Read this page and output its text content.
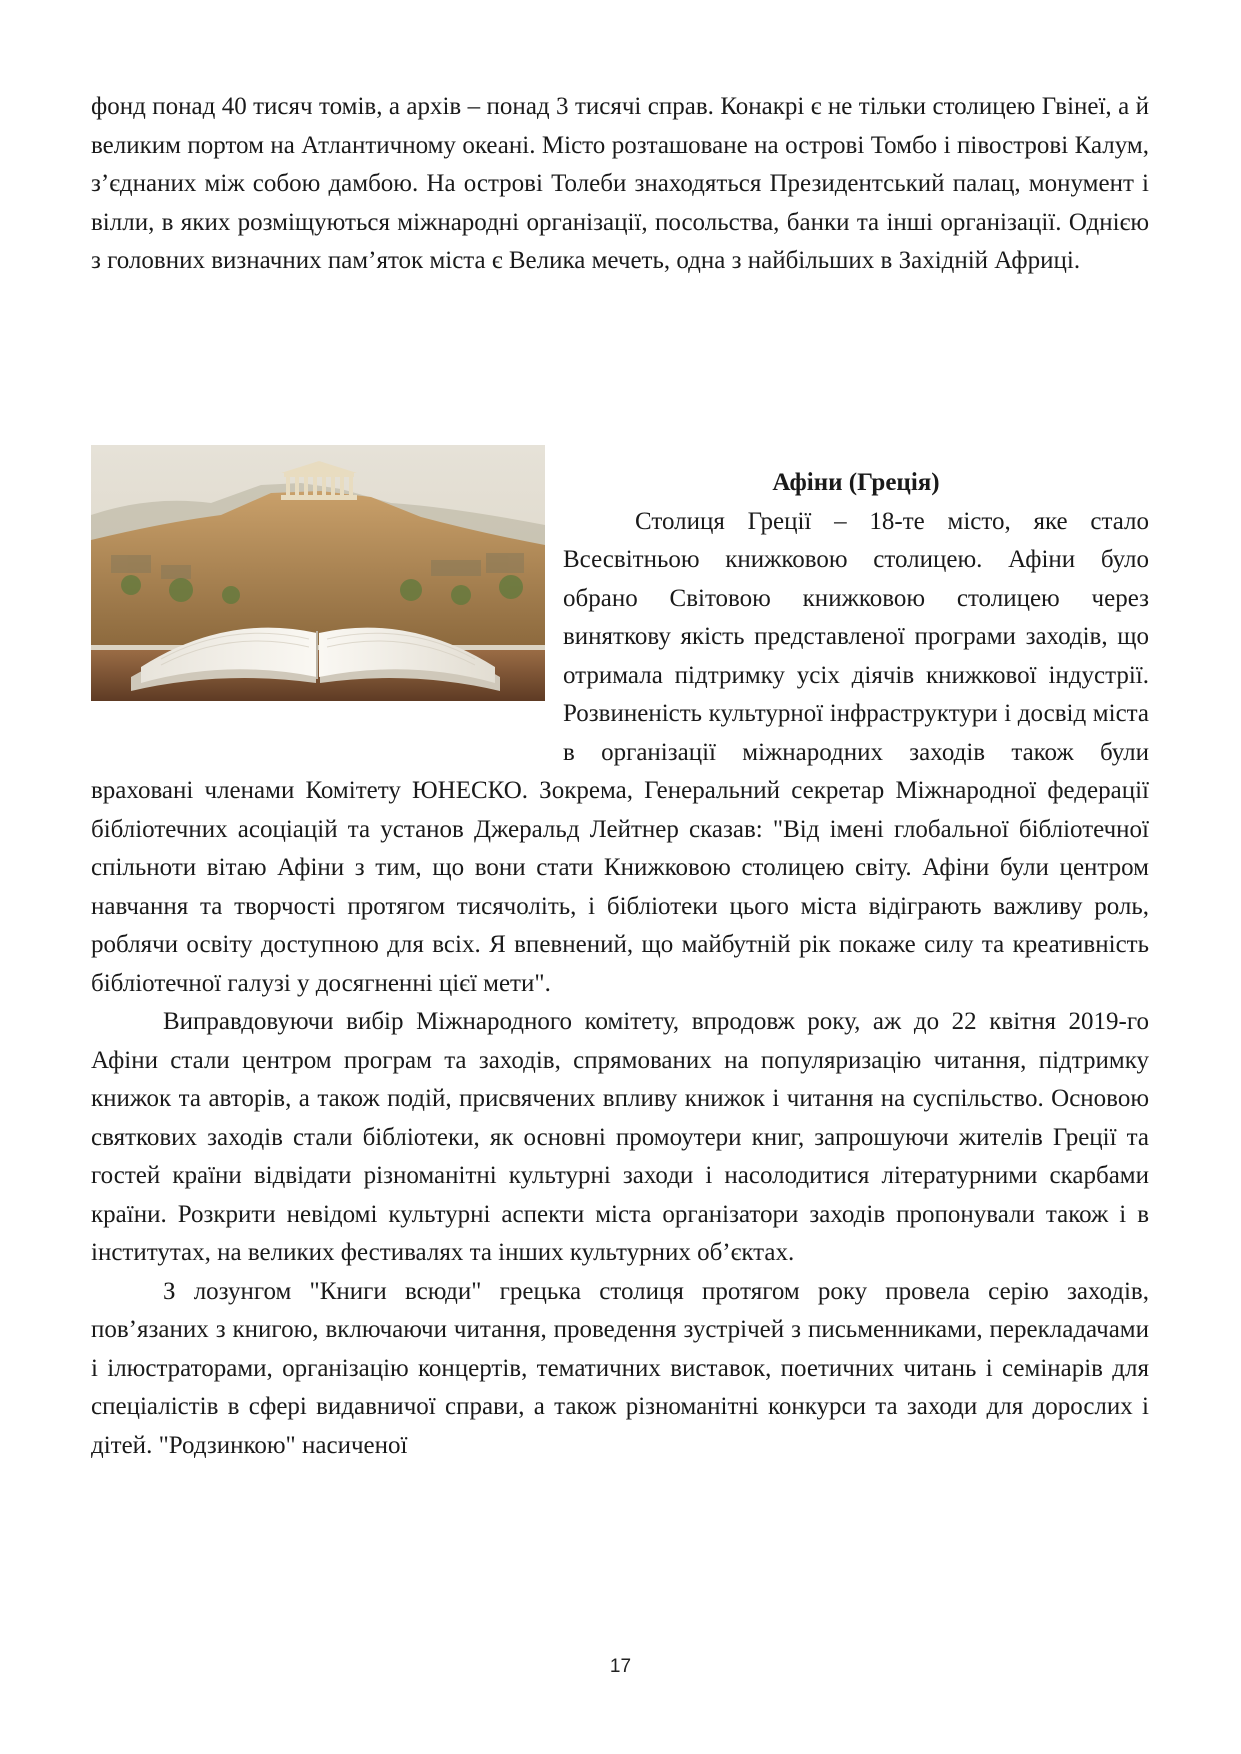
фонд понад 40 тисяч томів, а архів – понад 3 тисячі справ. Конакрі є не тільки столицею Гвінеї, а й великим портом на Атлантичному океані. Місто розташоване на острові Томбо і півострові Калум, з’єднаних між собою дамбою. На острові Толеби знаходяться Президентський палац, монумент і вілли, в яких розміщуються міжнародні організації, посольства, банки та інші організації. Однією з головних визначних пам’яток міста є Велика мечеть, одна з найбільших в Західній Африці.

Афіни (Греція)

Столиця Греції – 18-те місто, яке стало Всесвітньою книжковою столицею. Афіни було обрано Світовою книжковою столицею через виняткову якість представленої програми заходів, що отримала підтримку усіх діячів книжкової індустрії. Розвиненість культурної інфраструктури і досвід міста в організації міжнародних заходів також були враховані членами Комітету ЮНЕСКО. Зокрема, Генеральний секретар Міжнародної федерації бібліотечних асоціацій та установ Джеральд Лейтнер сказав: "Від імені глобальної бібліотечної спільноти вітаю Афіни з тим, що вони стати Книжковою столицею світу. Афіни були центром навчання та творчості протягом тисячоліть, і бібліотеки цього міста відіграють важливу роль, роблячи освіту доступною для всіх. Я впевнений, що майбутній рік покаже силу та креативність бібліотечної галузі у досягненні цієї мети".

Виправдовуючи вибір Міжнародного комітету, впродовж року, аж до 22 квітня 2019-го Афіни стали центром програм та заходів, спрямованих на популяризацію читання, підтримку книжок та авторів, а також подій, присвячених впливу книжок і читання на суспільство. Основою святкових заходів стали бібліотеки, як основні промоутери книг, запрошуючи жителів Греції та гостей країни відвідати різноманітні культурні заходи і насолодитися літературними скарбами країни. Розкрити невідомі культурні аспекти міста організатори заходів пропонували також і в інститутах, на великих фестивалях та інших культурних об’єктах.

З лозунгом "Книги всюди" грецька столиця протягом року провела серію заходів, пов’язаних з книгою, включаючи читання, проведення зустрічей з письменниками, перекладачами і ілюстраторами, організацію концертів, тематичних виставок, поетичних читань і семінарів для спеціалістів в сфері видавничої справи, а також різноманітні конкурси та заходи для дорослих і дітей. "Родзинкою" насиченої

17
